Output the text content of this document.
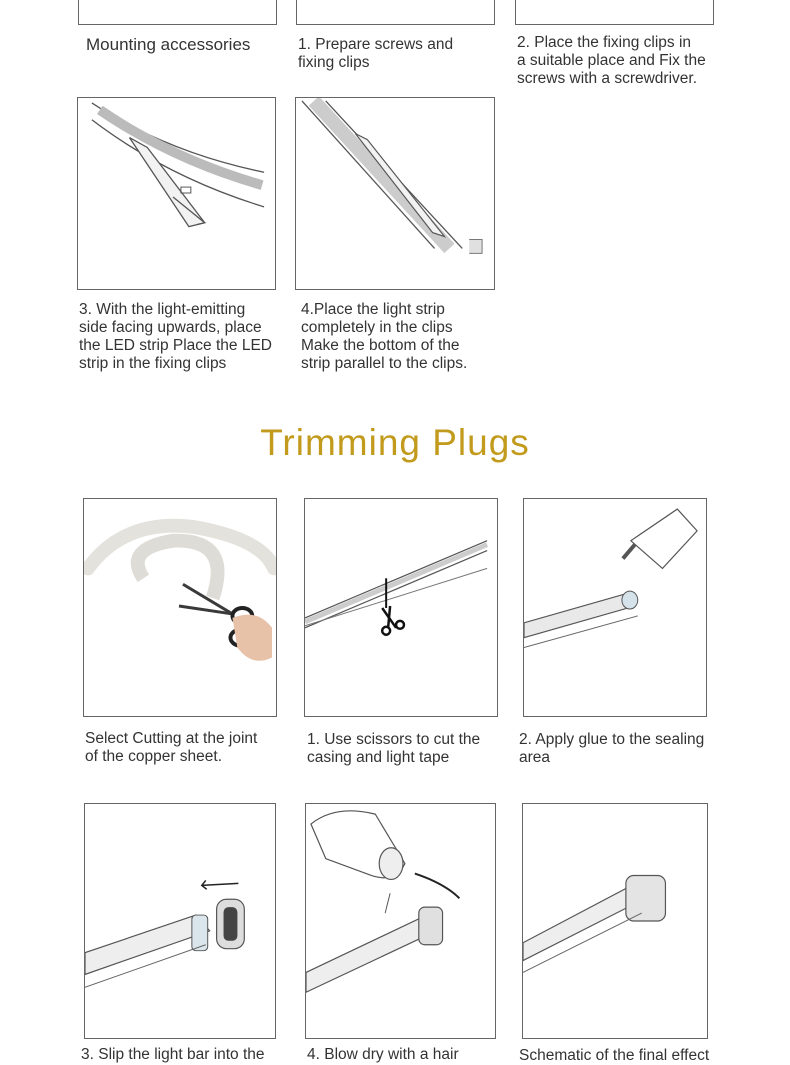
Mounting accessories	1. Prepare screws and
fixing clips

2. Place the fixing clips in
a suitable place and Fix the
screws with a screwdriver.

3. With the light-emitting
side facing upwards, place
the LED strip Place the LED
strip in the fixing clips

4.Place the light strip
completely in the clips
Make the bottom of the
strip parallel to the clips.

Trimming Plugs

Select Cutting at the joint
of the copper sheet.

1. Use scissors to cut the
casing and light tape

2. Apply glue to the sealing
area

3. Slip the light bar into the	4. Blow dry with a hair	Schematic of the final effect
